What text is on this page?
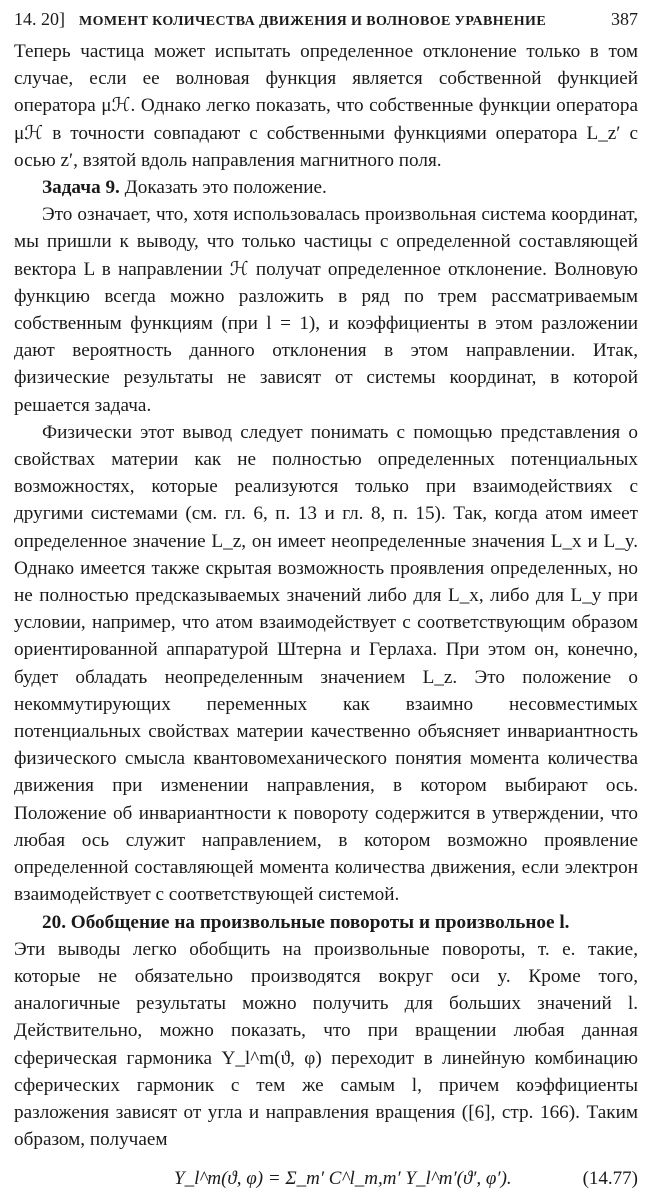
14. 20]	МОМЕНТ КОЛИЧЕСТВА ДВИЖЕНИЯ И ВОЛНОВОЕ УРАВНЕНИЕ	387

Теперь частица может испытать определенное отклонение только в том случае, если ее волновая функция является собственной функцией оператора μℋ. Однако легко показать, что собственные функции оператора μℋ в точности совпадают с собственными функциями оператора L_z′ с осью z′, взятой вдоль направления магнитного поля.

Задача 9. Доказать это положение.

Это означает, что, хотя использовалась произвольная система координат, мы пришли к выводу, что только частицы с определенной составляющей вектора L в направлении ℋ получат определенное отклонение. Волновую функцию всегда можно разложить в ряд по трем рассматриваемым собственным функциям (при l = 1), и коэффициенты в этом разложении дают вероятность данного отклонения в этом направлении. Итак, физические результаты не зависят от системы координат, в которой решается задача.

Физически этот вывод следует понимать с помощью представления о свойствах материи как не полностью определенных потенциальных возможностях, которые реализуются только при взаимодействиях с другими системами (см. гл. 6, п. 13 и гл. 8, п. 15). Так, когда атом имеет определенное значение L_z, он имеет неопределенные значения L_x и L_y. Однако имеется также скрытая возможность проявления определенных, но не полностью предсказываемых значений либо для L_x, либо для L_y при условии, например, что атом взаимодействует с соответствующим образом ориентированной аппаратурой Штерна и Герлаха. При этом он, конечно, будет обладать неопределенным значением L_z. Это положение о некоммутирующих переменных как взаимно несовместимых потенциальных свойствах материи качественно объясняет инвариантность физического смысла квантовомеханического понятия момента количества движения при изменении направления, в котором выбирают ось. Положение об инвариантности к повороту содержится в утверждении, что любая ось служит направлением, в котором возможно проявление определенной составляющей момента количества движения, если электрон взаимодействует с соответствующей системой.

20. Обобщение на произвольные повороты и произвольное l.

Эти выводы легко обобщить на произвольные повороты, т. е. такие, которые не обязательно производятся вокруг оси y. Кроме того, аналогичные результаты можно получить для больших значений l. Действительно, можно показать, что при вращении любая данная сферическая гармоника Y_l^m(ϑ, φ) переходит в линейную комбинацию сферических гармоник с тем же самым l, причем коэффициенты разложения зависят от угла и направления вращения ([6], стр. 166). Таким образом, получаем

Y_l^m(ϑ, φ) = Σ_m′ C^l_m,m′ Y_l^m′(ϑ′, φ′).	(14.77)
